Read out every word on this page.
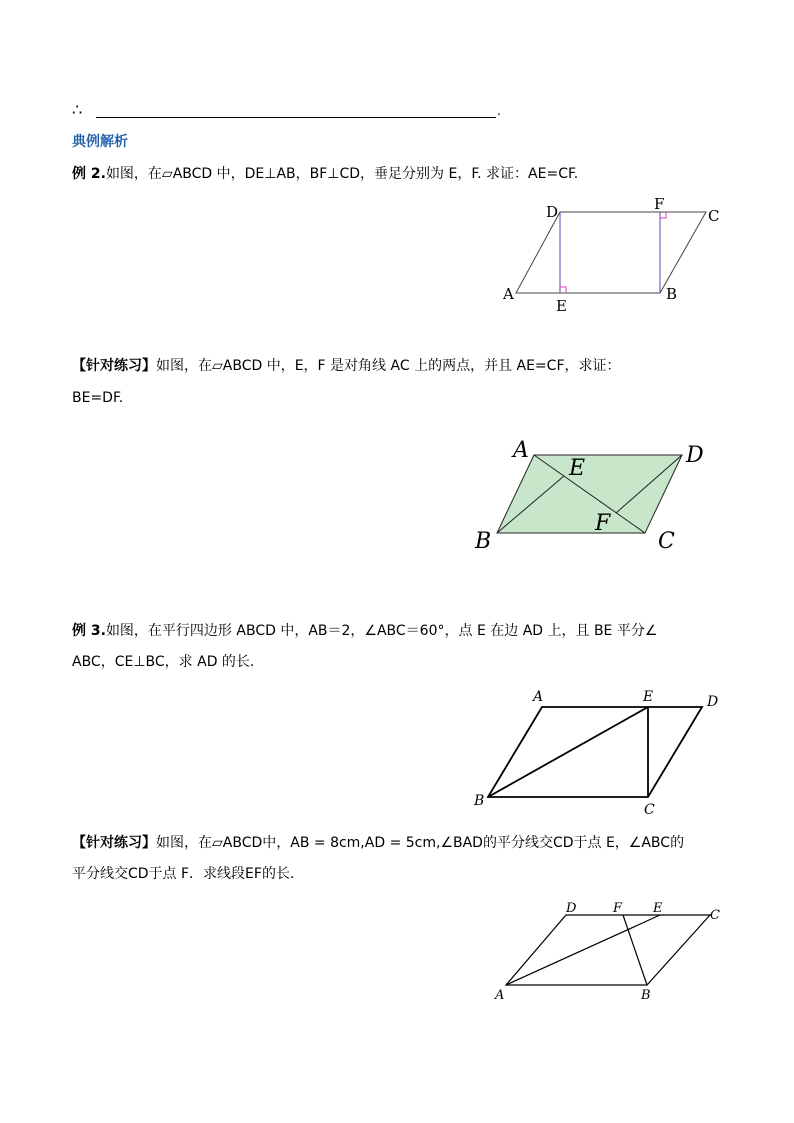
∴	.
典例解析
例 2.如图，在▱ABCD 中，DE⊥AB，BF⊥CD，垂足分别为 E，F. 求证：AE=CF.
D	F
C
A
E
B
【针对练习】如图，在▱ABCD 中，E，F 是对角线 AC 上的两点，并且 AE=CF，求证：
BE=DF.
A
E
D
F
B	C
例 3.如图，在平行四边形 ABCD 中，AB＝2，∠ABC＝60°，点 E 在边 AD 上，且 BE 平分∠
ABC，CE⊥BC，求 AD 的长.
A	E	D
B
C
【针对练习】如图，在▱ABCD中，AB = 8cm,AD = 5cm,∠BAD的平分线交CD于点 E，∠ABC的
平分线交CD于点 F．求线段EF的长．
D	F E	C
A	B
